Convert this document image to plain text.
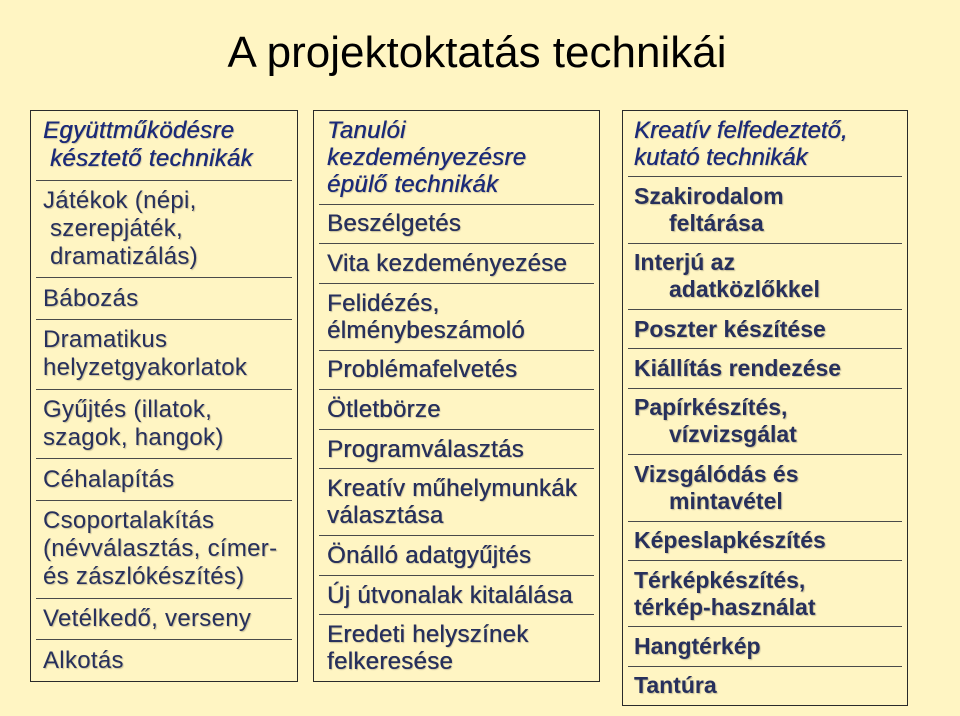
A projektoktatás technikái
Együttműködésre
késztető technikák
Játékok (népi,
szerepjáték,
dramatizálás)
Bábozás
Dramatikus
helyzetgyakorlatok
Gyűjtés (illatok,
szagok, hangok)
Céhalapítás
Csoportalakítás
(névválasztás, címer-
és zászlókészítés)
Vetélkedő, verseny
Alkotás
Tanulói
kezdeményezésre
épülő technikák
Beszélgetés
Vita kezdeményezése
Felidézés,
élménybeszámoló
Problémafelvetés
Ötletbörze
Programválasztás
Kreatív műhelymunkák
választása
Önálló adatgyűjtés
Új útvonalak kitalálása
Eredeti helyszínek
felkeresése
Kreatív felfedeztető,
kutató technikák
Szakirodalom
feltárása
Interjú az
adatközlőkkel
Poszter készítése
Kiállítás rendezése
Papírkészítés,
vízvizsgálat
Vizsgálódás és
mintavétel
Képeslapkészítés
Térképkészítés,
térkép-használat
Hangtérkép
Tantúra
